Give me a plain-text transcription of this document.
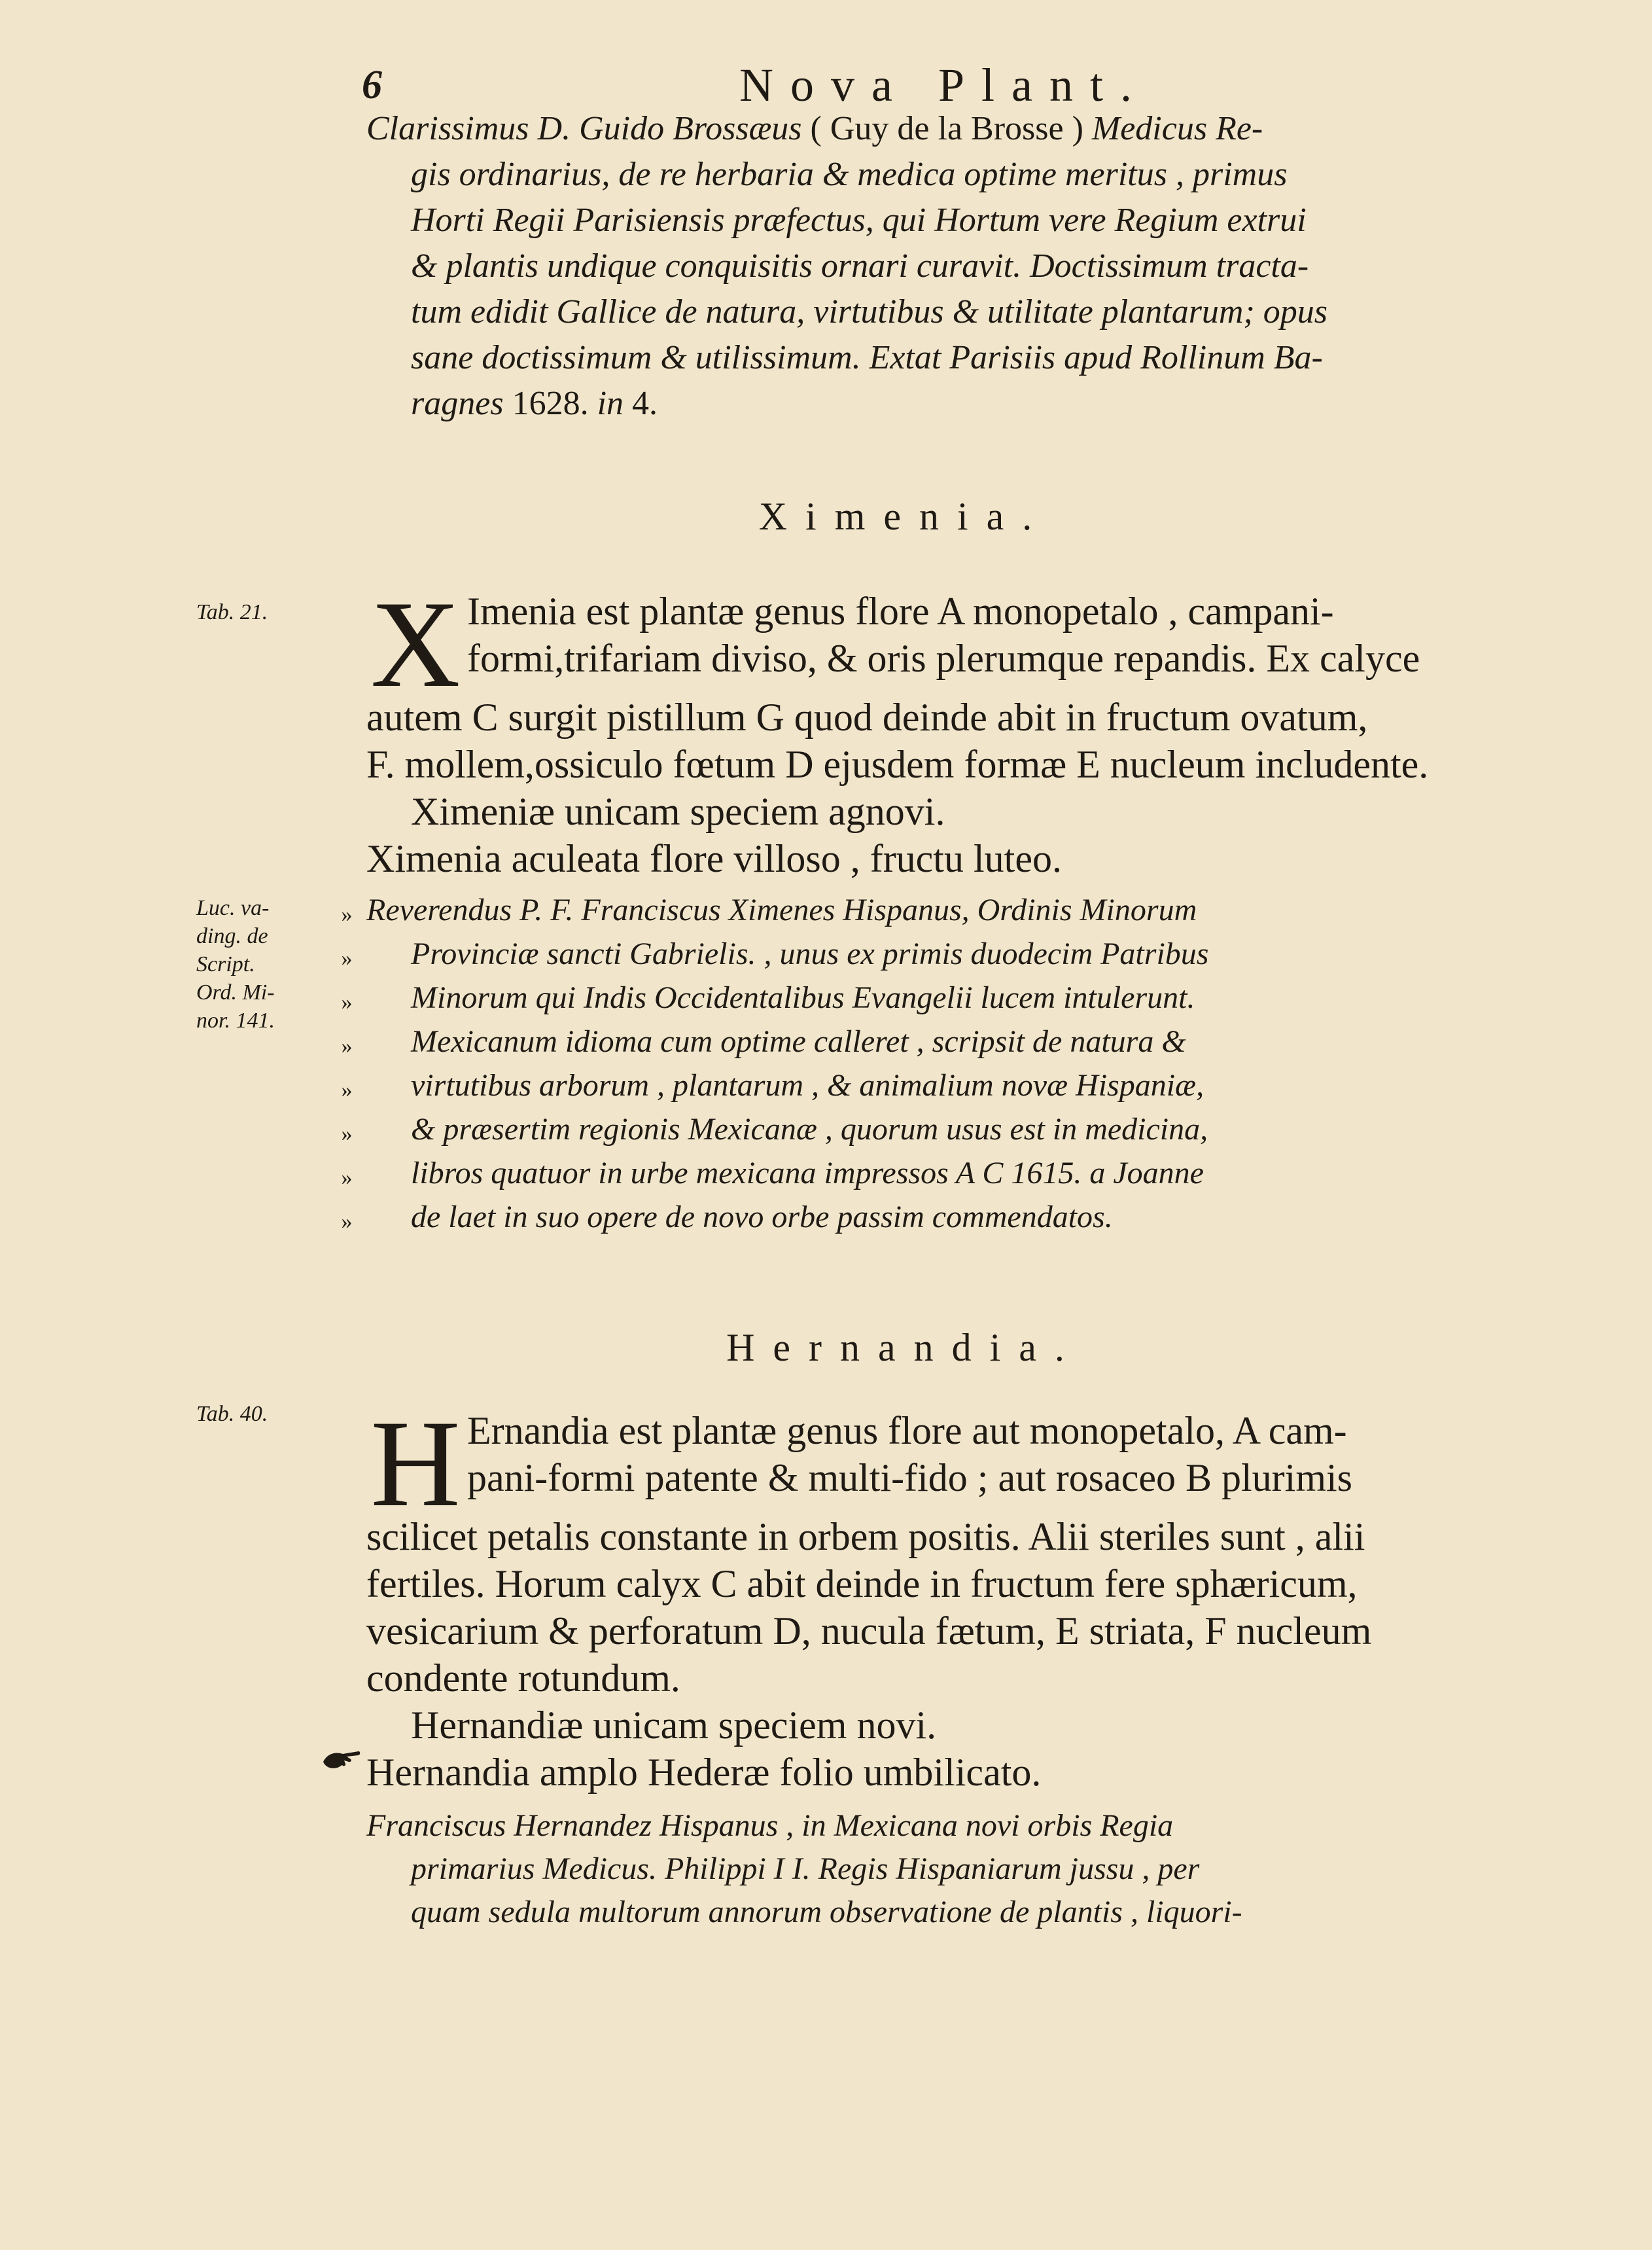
6	Nova Plant.
Clarissimus D. Guido Brossæus ( Guy de la Brosse ) Medicus Re-
gis ordinarius, de re herbaria & medica optime meritus , primus
Horti Regii Parisiensis præfectus, qui Hortum vere Regium extrui
& plantis undique conquisitis ornari curavit. Doctissimum tracta-
tum edidit Gallice de natura, virtutibus & utilitate plantarum; opus
sane doctissimum & utilissimum. Extat Parisiis apud Rollinum Ba-
ragnes 1628. in 4.
Ximenia.
Tab. 21. X Imenia est plantæ genus flore A monopetalo , campani-
formi,trifariam diviso, & oris plerumque repandis. Ex calyce
autem C surgit pistillum G quod deinde abit in fructum ovatum,
F. mollem,ossiculo fœtum D ejusdem formæ E nucleum includente.
Ximeniæ unicam speciem agnovi.
Ximenia aculeata flore villoso , fructu luteo.
Luc. va-
ding. de
Script.
Ord. Mi-
nor. 141.
»
»
»
»
»
»
»
»
Reverendus P. F. Franciscus Ximenes Hispanus, Ordinis Minorum
Provinciæ sancti Gabrielis. , unus ex primis duodecim Patribus
Minorum qui Indis Occidentalibus Evangelii lucem intulerunt.
Mexicanum idioma cum optime calleret , scripsit de natura &
virtutibus arborum , plantarum , & animalium novæ Hispaniæ,
& præsertim regionis Mexicanæ , quorum usus est in medicina,
libros quatuor in urbe mexicana impressos A C 1615. a Joanne
de laet in suo opere de novo orbe passim commendatos.
Hernandia.
Tab. 40. H Ernandia est plantæ genus flore aut monopetalo, A cam-
pani-formi patente & multi-fido ; aut rosaceo B plurimis
scilicet petalis constante in orbem positis. Alii steriles sunt , alii
fertiles. Horum calyx C abit deinde in fructum fere sphæricum,
vesicarium & perforatum D, nucula fætum, E striata, F nucleum
condente rotundum.
Hernandiæ unicam speciem novi.
Hernandia amplo Hederæ folio umbilicato.
Franciscus Hernandez Hispanus , in Mexicana novi orbis Regia
primarius Medicus. Philippi I I. Regis Hispaniarum jussu , per
quam sedula multorum annorum observatione de plantis , liquori-
